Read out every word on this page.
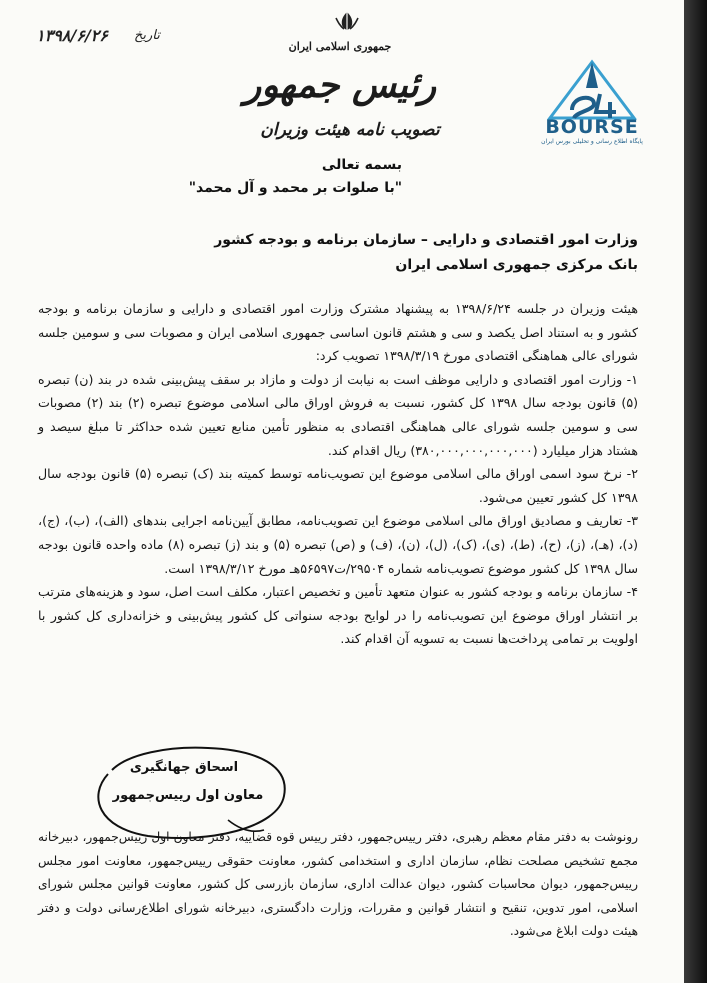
۱۳۹۸/۶/۲۶ تاریخ
جمهوری اسلامی ایران
رئیس جمهور
تصویب نامه هیئت وزیران	BOURSE
پایگاه اطلاع رسانی و تحلیلی بورس ایران
بسمه تعالی
"با صلوات بر محمد و آل محمد"
وزارت امور اقتصادی و دارایی – سازمان برنامه و بودجه کشور
بانک مرکزی جمهوری اسلامی ایران

هیئت وزیران در جلسه ۱۳۹۸/۶/۲۴ به پیشنهاد مشترک وزارت امور اقتصادی و دارایی و سازمان برنامه و بودجه کشور و به استناد اصل یکصد و سی و هشتم قانون اساسی جمهوری اسلامی ایران و مصوبات سی و سومین جلسه شورای عالی هماهنگی اقتصادی مورخ ۱۳۹۸/۳/۱۹ تصویب کرد:

۱- وزارت امور اقتصادی و دارایی موظف است به نیابت از دولت و مازاد بر سقف پیش‌بینی شده در بند (ن) تبصره (۵) قانون بودجه سال ۱۳۹۸ کل کشور، نسبت به فروش اوراق مالی اسلامی موضوع تبصره (۲) بند (۲) مصوبات سی و سومین جلسه شورای عالی هماهنگی اقتصادی به منظور تأمین منابع تعیین شده حداکثر تا مبلغ سیصد و هشتاد هزار میلیارد (۳۸۰,۰۰۰,۰۰۰,۰۰۰,۰۰۰) ریال اقدام کند.

۲- نرخ سود اسمی اوراق مالی اسلامی موضوع این تصویب‌نامه توسط کمیته بند (ک) تبصره (۵) قانون بودجه سال ۱۳۹۸ کل کشور تعیین می‌شود.

۳- تعاریف و مصادیق اوراق مالی اسلامی موضوع این تصویب‌نامه، مطابق آیین‌نامه اجرایی بندهای (الف)، (ب)، (ج)، (د)، (هـ)، (ز)، (ح)، (ط)، (ی)، (ک)، (ل)، (ن)، (ف) و (ص) تبصره (۵) و بند (ز) تبصره (۸) ماده واحده قانون بودجه سال ۱۳۹۸ کل کشور موضوع تصویب‌نامه شماره ۲۹۵۰۴/ت۵۶۵۹۷هـ مورخ ۱۳۹۸/۳/۱۲ است.

۴- سازمان برنامه و بودجه کشور به عنوان متعهد تأمین و تخصیص اعتبار، مکلف است اصل، سود و هزینه‌های مترتب بر انتشار اوراق موضوع این تصویب‌نامه را در لوایح بودجه سنواتی کل کشور پیش‌بینی و خزانه‌داری کل کشور با اولویت بر تمامی پرداخت‌ها نسبت به تسویه آن اقدام کند.

اسحاق جهانگیری
معاون اول رییس‌جمهور
رونوشت به دفتر مقام معظم رهبری، دفتر رییس‌جمهور، دفتر رییس قوه قضاییه، دفتر معاون اول رییس‌جمهور، دبیرخانه مجمع تشخیص مصلحت نظام، سازمان اداری و استخدامی کشور، معاونت حقوقی رییس‌جمهور، معاونت امور مجلس رییس‌جمهور، دیوان محاسبات کشور، دیوان عدالت اداری، سازمان بازرسی کل کشور، معاونت قوانین مجلس شورای اسلامی، امور تدوین، تنقیح و انتشار قوانین و مقررات، وزارت دادگستری، دبیرخانه شورای اطلاع‌رسانی دولت و دفتر هیئت دولت ابلاغ می‌شود.
